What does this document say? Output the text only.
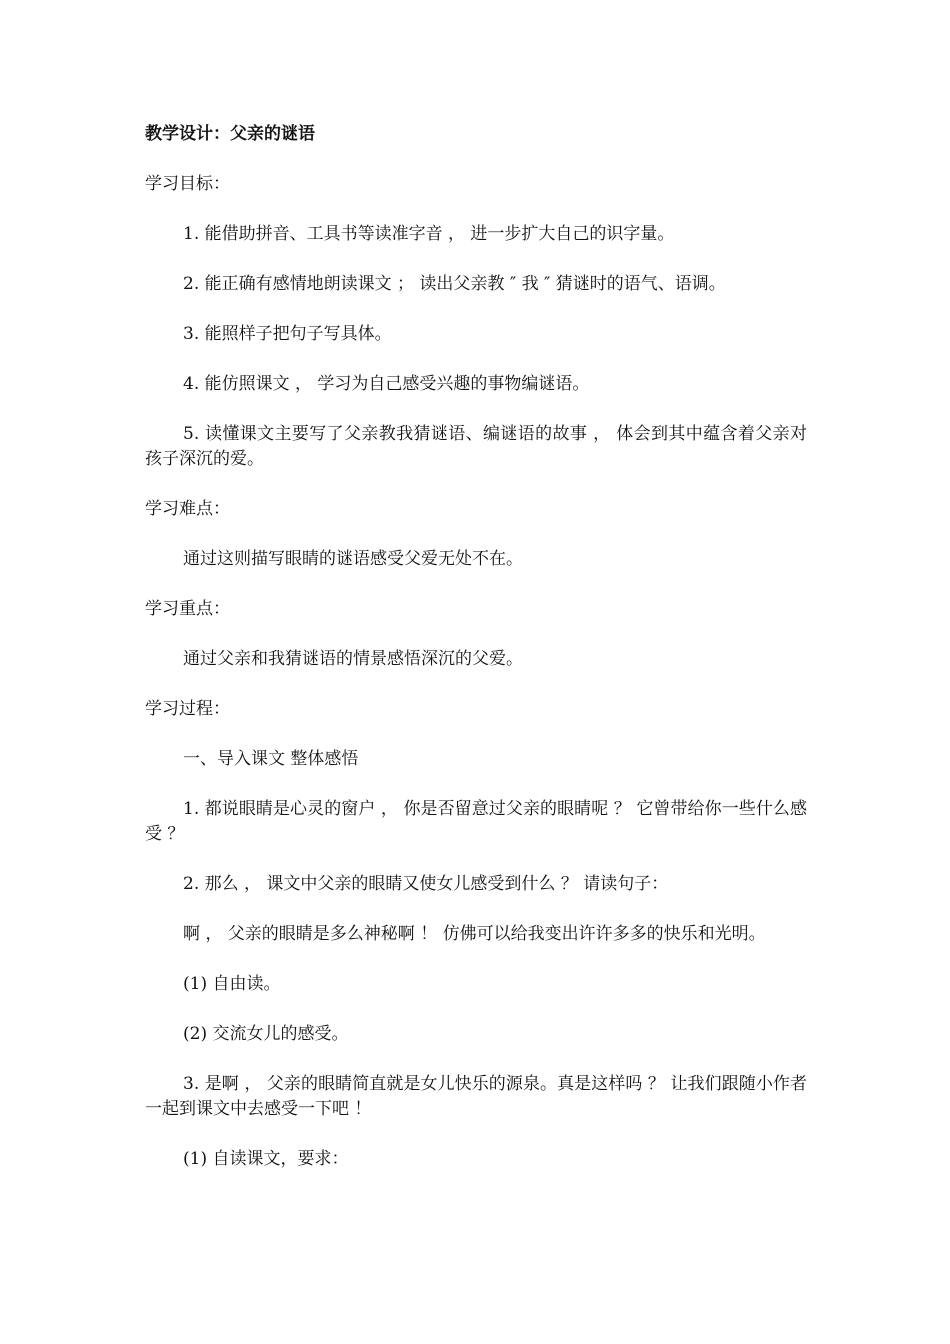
教学设计：父亲的谜语
学习目标：
1. 能借助拼音、工具书等读准字音 ， 进一步扩大自己的识字量。
2. 能正确有感情地朗读课文 ； 读出父亲教 ″ 我 ″ 猜谜时的语气、语调。
3. 能照样子把句子写具体。
4. 能仿照课文 ， 学习为自己感受兴趣的事物编谜语。
5. 读懂课文主要写了父亲教我猜谜语、编谜语的故事 ， 体会到其中蕴含着父亲对孩子深沉的爱。
学习难点：
通过这则描写眼睛的谜语感受父爱无处不在。
学习重点：
通过父亲和我猜谜语的情景感悟深沉的父爱。
学习过程：
一、导入课文 整体感悟
1. 都说眼睛是心灵的窗户 ， 你是否留意过父亲的眼睛呢 ？ 它曾带给你一些什么感受 ？
2. 那么 ， 课文中父亲的眼睛又使女儿感受到什么 ？ 请读句子：
啊 ， 父亲的眼睛是多么神秘啊 ！ 仿佛可以给我变出许许多多的快乐和光明。
(1) 自由读。
(2) 交流女儿的感受。
3. 是啊 ， 父亲的眼睛简直就是女儿快乐的源泉。真是这样吗 ？ 让我们跟随小作者一起到课文中去感受一下吧 ！
(1) 自读课文，要求：
